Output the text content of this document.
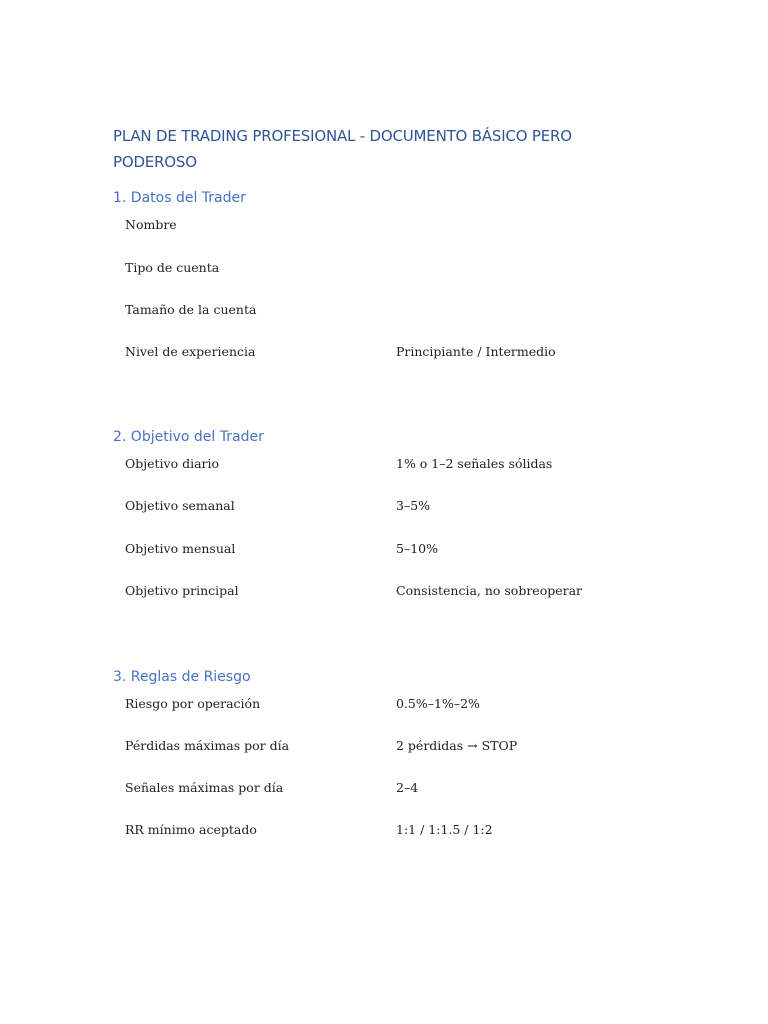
PLAN DE TRADING PROFESIONAL - DOCUMENTO BÁSICO PERO PODEROSO
1. Datos del Trader
Nombre
Tipo de cuenta
Tamaño de la cuenta
Nivel de experiencia	Principiante / Intermedio
2. Objetivo del Trader
Objetivo diario	1% o 1–2 señales sólidas
Objetivo semanal	3–5%
Objetivo mensual	5–10%
Objetivo principal	Consistencia, no sobreoperar
3. Reglas de Riesgo
Riesgo por operación	0.5%–1%–2%
Pérdidas máximas por día	2 pérdidas → STOP
Señales máximas por día	2–4
RR mínimo aceptado	1:1 / 1:1.5 / 1:2
